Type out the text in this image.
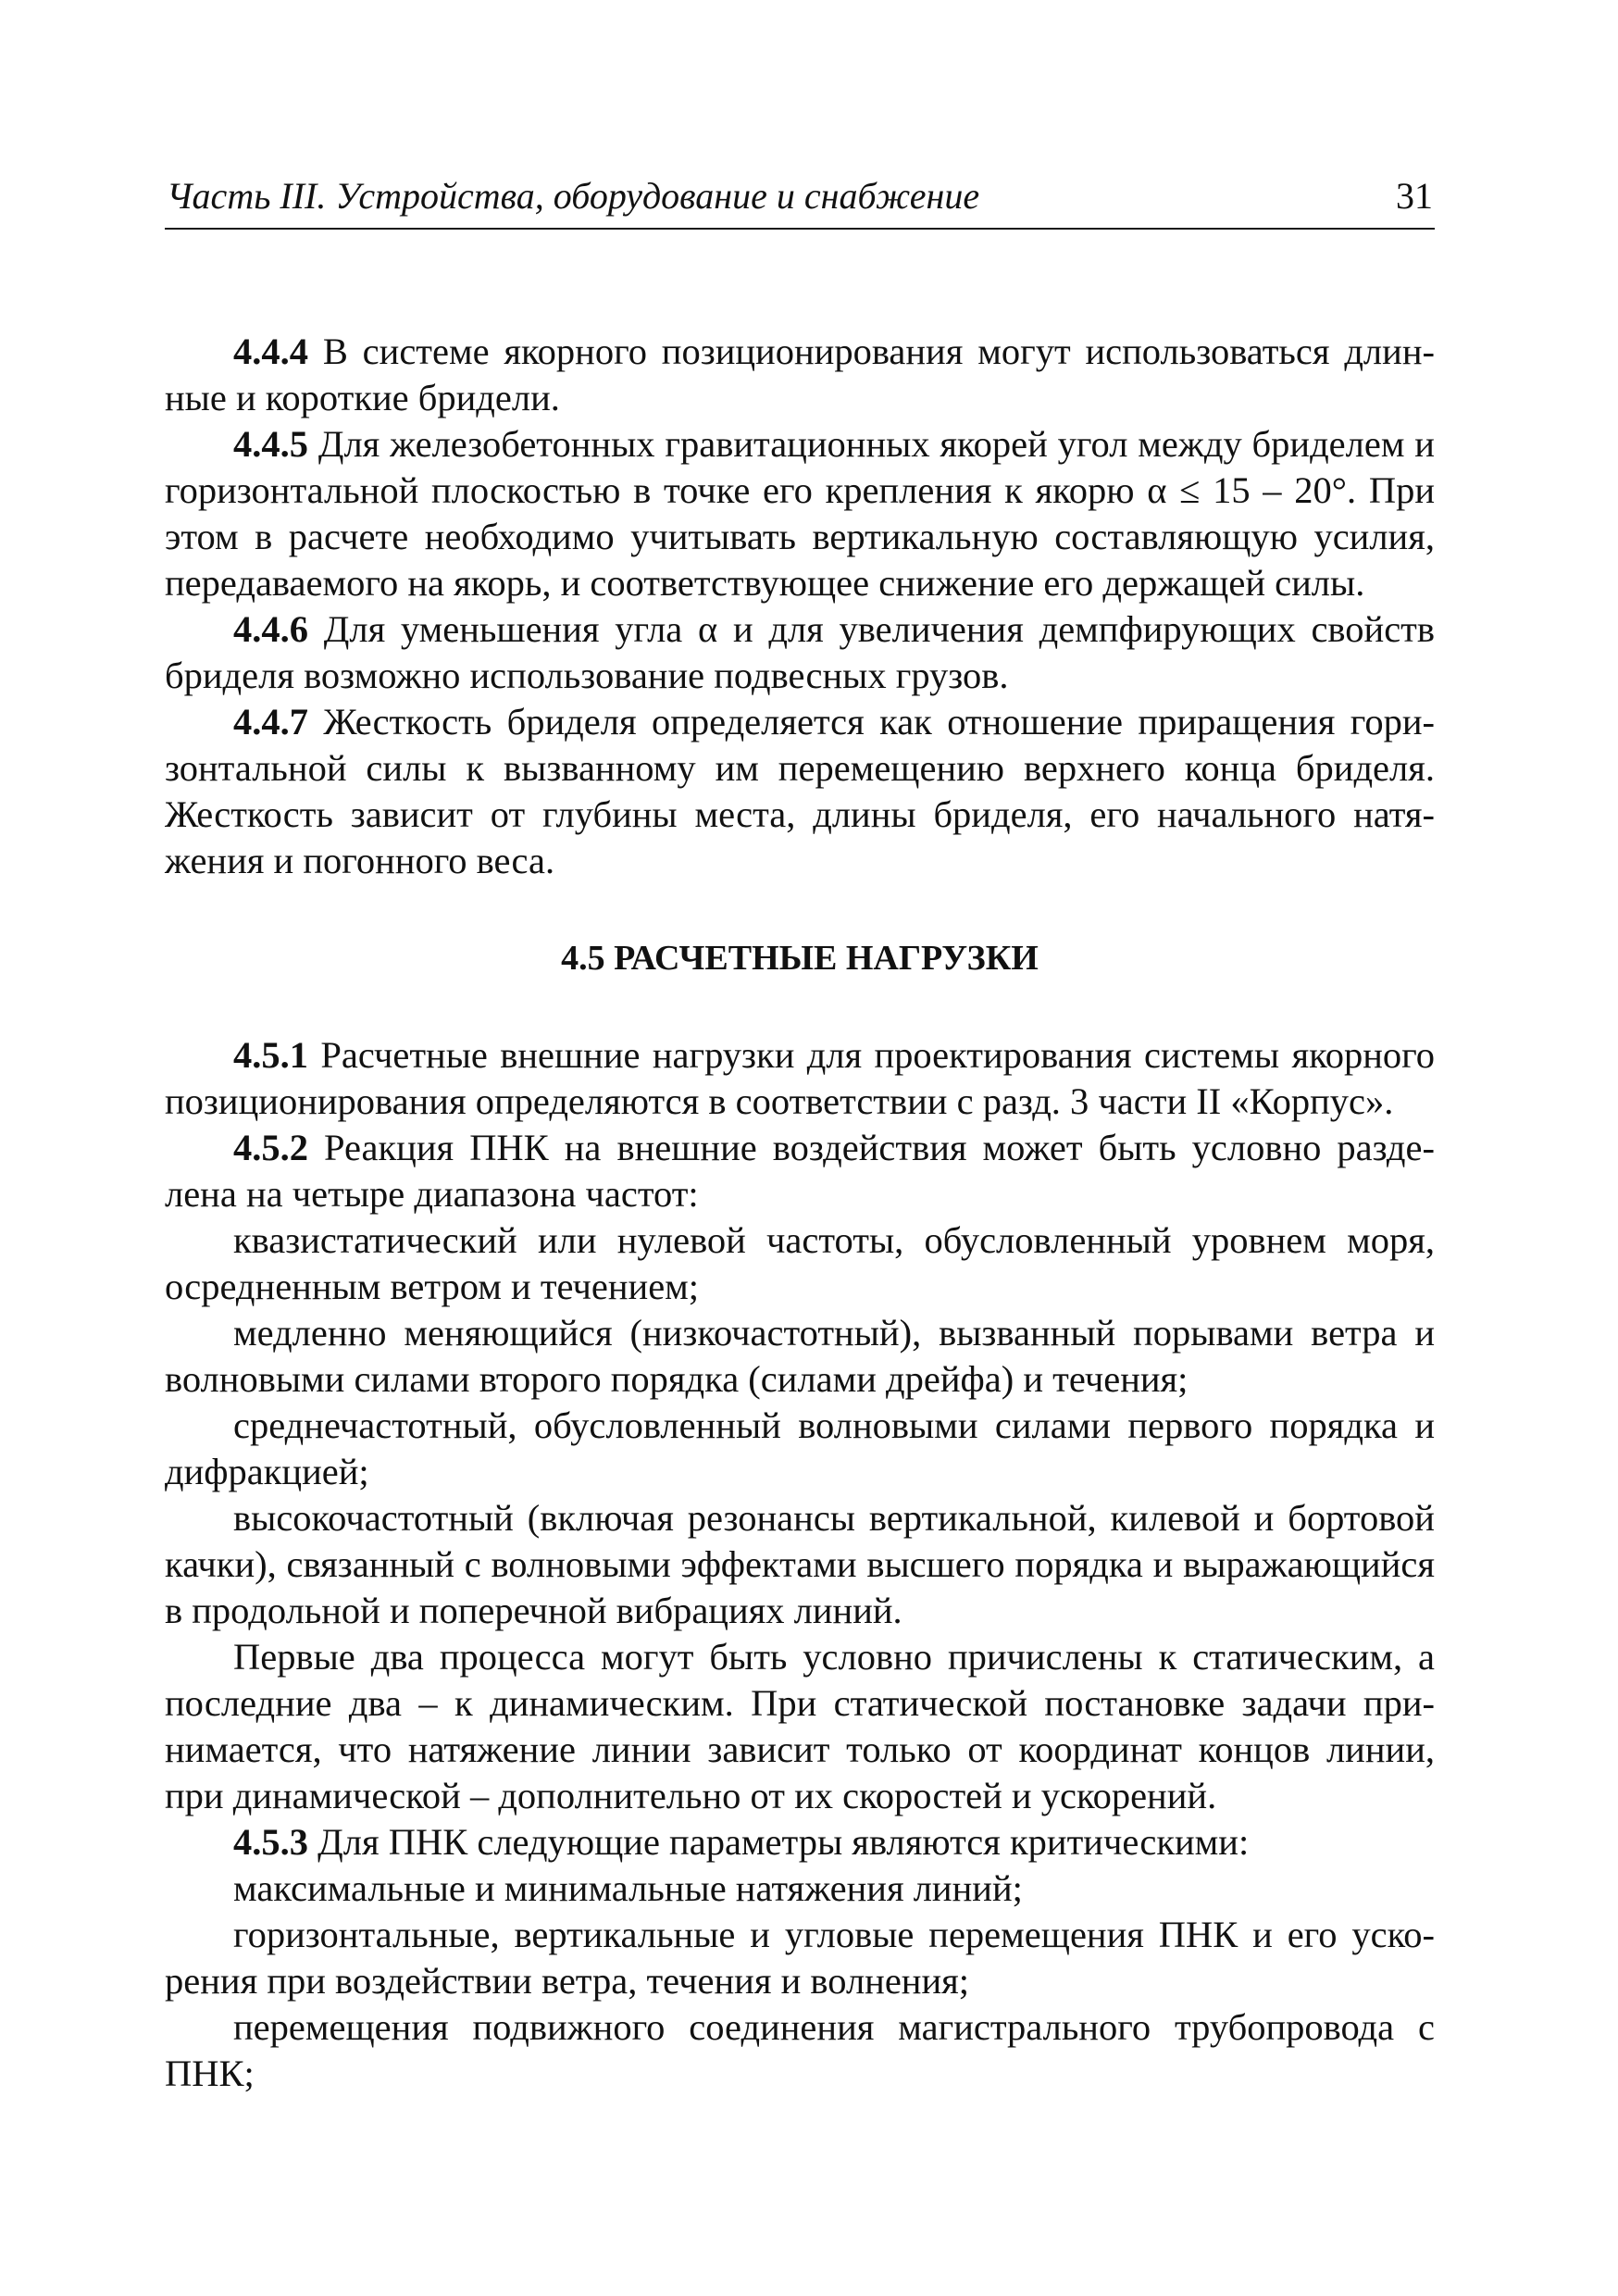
Часть III. Устройства, оборудование и снабжение	31

4.4.4 В системе якорного позиционирования могут использоваться длинные и короткие бридели.

4.4.5 Для железобетонных гравитационных якорей угол между бриделем и горизонтальной плоскостью в точке его крепления к якорю α ≤ 15 – 20°. При этом в расчете необходимо учитывать вертикальную составляющую усилия, передаваемого на якорь, и соответствующее снижение его держащей силы.

4.4.6 Для уменьшения угла α и для увеличения демпфирующих свойств бриделя возможно использование подвесных грузов.

4.4.7 Жесткость бриделя определяется как отношение приращения горизонтальной силы к вызванному им перемещению верхнего конца бриделя. Жесткость зависит от глубины места, длины бриделя, его начального натяжения и погонного веса.

4.5 РАСЧЕТНЫЕ НАГРУЗКИ

4.5.1 Расчетные внешние нагрузки для проектирования системы якорного позиционирования определяются в соответствии с разд. 3 части II «Корпус».

4.5.2 Реакция ПНК на внешние воздействия может быть условно разделена на четыре диапазона частот:

квазистатический или нулевой частоты, обусловленный уровнем моря, осредненным ветром и течением;

медленно меняющийся (низкочастотный), вызванный порывами ветра и волновыми силами второго порядка (силами дрейфа) и течения;

среднечастотный, обусловленный волновыми силами первого порядка и дифракцией;

высокочастотный (включая резонансы вертикальной, килевой и бортовой качки), связанный с волновыми эффектами высшего порядка и выражающийся в продольной и поперечной вибрациях линий.

Первые два процесса могут быть условно причислены к статическим, а последние два – к динамическим. При статической постановке задачи принимается, что натяжение линии зависит только от координат концов линии, при динамической – дополнительно от их скоростей и ускорений.

4.5.3 Для ПНК следующие параметры являются критическими:

максимальные и минимальные натяжения линий;

горизонтальные, вертикальные и угловые перемещения ПНК и его ускорения при воздействии ветра, течения и волнения;

перемещения подвижного соединения магистрального трубопровода с ПНК;
